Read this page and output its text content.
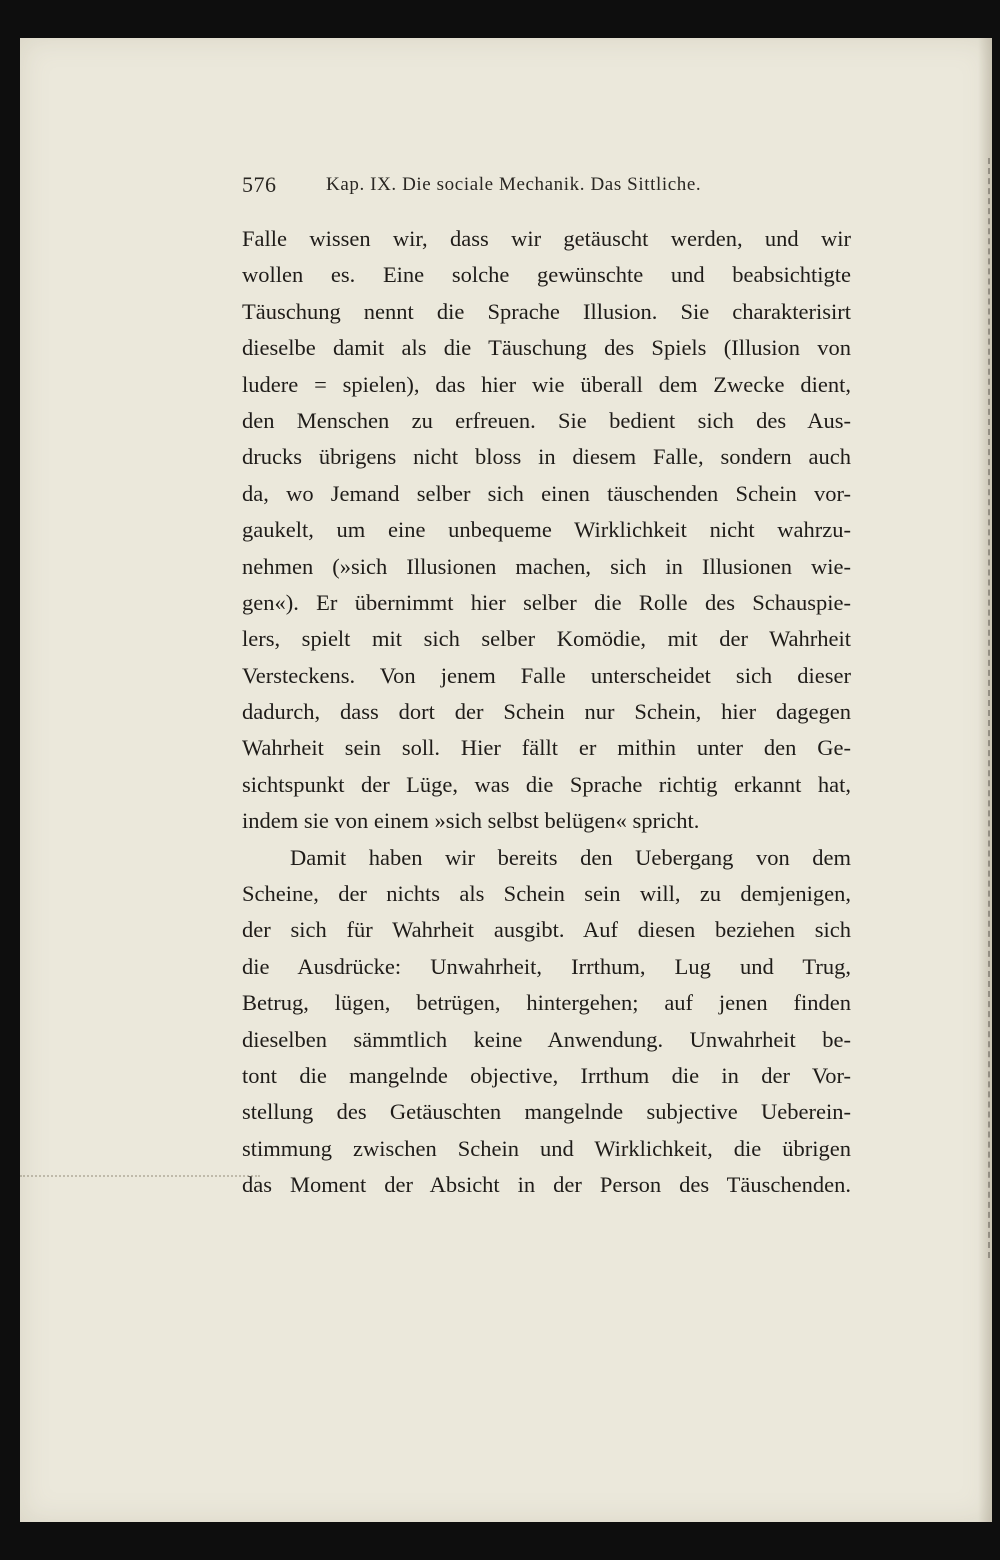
576	Kap. IX. Die sociale Mechanik. Das Sittliche.
Falle wissen wir, dass wir getäuscht werden, und wir
wollen es. Eine solche gewünschte und beabsichtigte
Täuschung nennt die Sprache Illusion. Sie charakterisirt
dieselbe damit als die Täuschung des Spiels (Illusion von
ludere = spielen), das hier wie überall dem Zwecke dient,
den Menschen zu erfreuen. Sie bedient sich des Aus-
drucks übrigens nicht bloss in diesem Falle, sondern auch
da, wo Jemand selber sich einen täuschenden Schein vor-
gaukelt, um eine unbequeme Wirklichkeit nicht wahrzu-
nehmen (»sich Illusionen machen, sich in Illusionen wie-
gen«). Er übernimmt hier selber die Rolle des Schauspie-
lers, spielt mit sich selber Komödie, mit der Wahrheit
Versteckens. Von jenem Falle unterscheidet sich dieser
dadurch, dass dort der Schein nur Schein, hier dagegen
Wahrheit sein soll. Hier fällt er mithin unter den Ge-
sichtspunkt der Lüge, was die Sprache richtig erkannt hat,
indem sie von einem »sich selbst belügen« spricht.
Damit haben wir bereits den Uebergang von dem
Scheine, der nichts als Schein sein will, zu demjenigen,
der sich für Wahrheit ausgibt. Auf diesen beziehen sich
die Ausdrücke: Unwahrheit, Irrthum, Lug und Trug,
Betrug, lügen, betrügen, hintergehen; auf jenen finden
dieselben sämmtlich keine Anwendung. Unwahrheit be-
tont die mangelnde objective, Irrthum die in der Vor-
stellung des Getäuschten mangelnde subjective Ueberein-
stimmung zwischen Schein und Wirklichkeit, die übrigen
das Moment der Absicht in der Person des Täuschenden.
